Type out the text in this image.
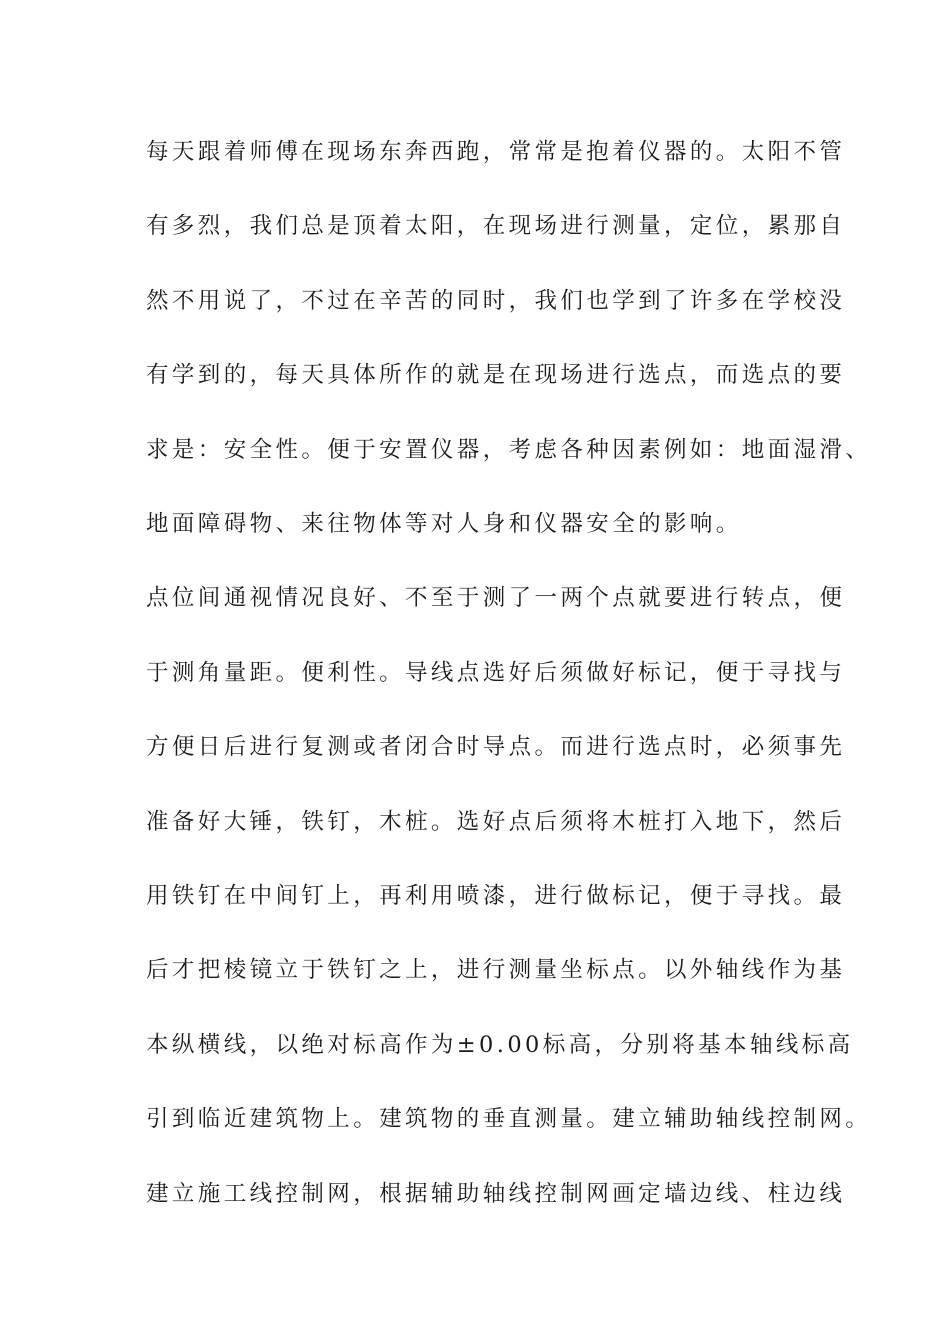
每天跟着师傅在现场东奔西跑，常常是抱着仪器的。太阳不管
有多烈，我们总是顶着太阳，在现场进行测量，定位，累那自
然不用说了，不过在辛苦的同时，我们也学到了许多在学校没
有学到的，每天具体所作的就是在现场进行选点，而选点的要
求是：安全性。便于安置仪器，考虑各种因素例如：地面湿滑、
地面障碍物、来往物体等对人身和仪器安全的影响。
点位间通视情况良好、不至于测了一两个点就要进行转点，便
于测角量距。便利性。导线点选好后须做好标记，便于寻找与
方便日后进行复测或者闭合时导点。而进行选点时，必须事先
准备好大锤，铁钉，木桩。选好点后须将木桩打入地下，然后
用铁钉在中间钉上，再利用喷漆，进行做标记，便于寻找。最
后才把棱镜立于铁钉之上，进行测量坐标点。以外轴线作为基
本纵横线，以绝对标高作为±0.00标高，分别将基本轴线标高
引到临近建筑物上。建筑物的垂直测量。建立辅助轴线控制网。
建立施工线控制网，根据辅助轴线控制网画定墙边线、柱边线
